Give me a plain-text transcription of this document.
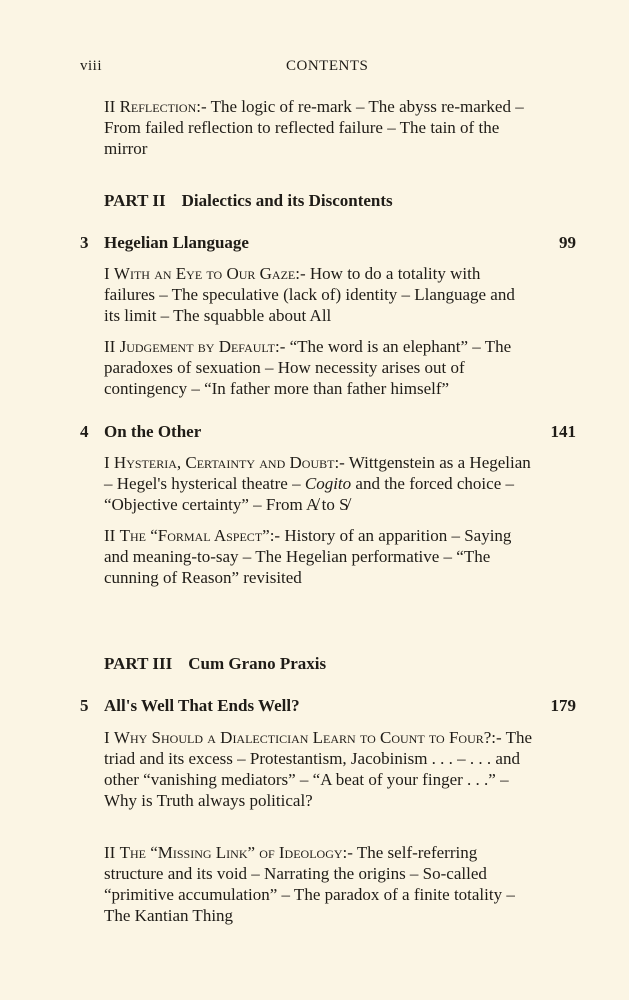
viii	CONTENTS

II Reflection:- The logic of re-mark – The abyss re-marked – From failed reflection to reflected failure – The tain of the mirror

PART II Dialectics and its Discontents

3 Hegelian Llanguage	99

I With an Eye to Our Gaze:- How to do a totality with failures – The speculative (lack of) identity – Llanguage and its limit – The squabble about All

II Judgement by Default:- “The word is an elephant” – The paradoxes of sexuation – How necessity arises out of contingency – “In father more than father himself”

4 On the Other	141

I Hysteria, Certainty and Doubt:- Wittgenstein as a Hegelian – Hegel's hysterical theatre – Cogito and the forced choice – “Objective certainty” – From A̸ to S̸

II The “Formal Aspect”:- History of an apparition – Saying and meaning-to-say – The Hegelian performative – “The cunning of Reason” revisited

PART III Cum Grano Praxis

5 All's Well That Ends Well?	179

I Why Should a Dialectician Learn to Count to Four?:- The triad and its excess – Protestantism, Jacobinism . . . – . . . and other “vanishing mediators” – “A beat of your finger . . .” – Why is Truth always political?

II The “Missing Link” of Ideology:- The self-referring structure and its void – Narrating the origins – So-called “primitive accumulation” – The paradox of a finite totality – The Kantian Thing
